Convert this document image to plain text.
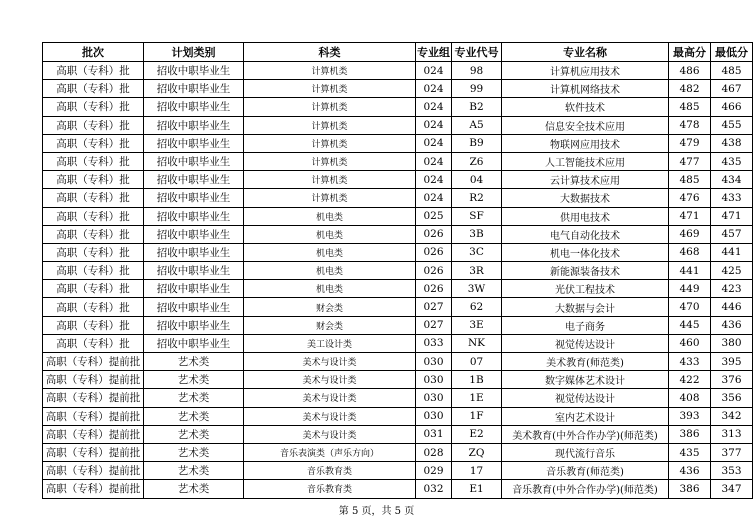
批次	计划类别	科类	专业组	专业代号	专业名称	最高分	最低分
高职（专科）批	招收中职毕业生	计算机类	024	98	计算机应用技术	486	485
高职（专科）批	招收中职毕业生	计算机类	024	99	计算机网络技术	482	467
高职（专科）批	招收中职毕业生	计算机类	024	B2	软件技术	485	466
高职（专科）批	招收中职毕业生	计算机类	024	A5	信息安全技术应用	478	455
高职（专科）批	招收中职毕业生	计算机类	024	B9	物联网应用技术	479	438
高职（专科）批	招收中职毕业生	计算机类	024	Z6	人工智能技术应用	477	435
高职（专科）批	招收中职毕业生	计算机类	024	04	云计算技术应用	485	434
高职（专科）批	招收中职毕业生	计算机类	024	R2	大数据技术	476	433
高职（专科）批	招收中职毕业生	机电类	025	SF	供用电技术	471	471
高职（专科）批	招收中职毕业生	机电类	026	3B	电气自动化技术	469	457
高职（专科）批	招收中职毕业生	机电类	026	3C	机电一体化技术	468	441
高职（专科）批	招收中职毕业生	机电类	026	3R	新能源装备技术	441	425
高职（专科）批	招收中职毕业生	机电类	026	3W	光伏工程技术	449	423
高职（专科）批	招收中职毕业生	财会类	027	62	大数据与会计	470	446
高职（专科）批	招收中职毕业生	财会类	027	3E	电子商务	445	436
高职（专科）批	招收中职毕业生	美工设计类	033	NK	视觉传达设计	460	380
高职（专科）提前批	艺术类	美术与设计类	030	07	美术教育(师范类)	433	395
高职（专科）提前批	艺术类	美术与设计类	030	1B	数字媒体艺术设计	422	376
高职（专科）提前批	艺术类	美术与设计类	030	1E	视觉传达设计	408	356
高职（专科）提前批	艺术类	美术与设计类	030	1F	室内艺术设计	393	342
高职（专科）提前批	艺术类	美术与设计类	031	E2	美术教育(中外合作办学)(师范类)	386	313
高职（专科）提前批	艺术类	音乐表演类（声乐方向）	028	ZQ	现代流行音乐	435	377
高职（专科）提前批	艺术类	音乐教育类	029	17	音乐教育(师范类)	436	353
高职（专科）提前批	艺术类	音乐教育类	032	E1	音乐教育(中外合作办学)(师范类)	386	347
第 5 页，共 5 页
